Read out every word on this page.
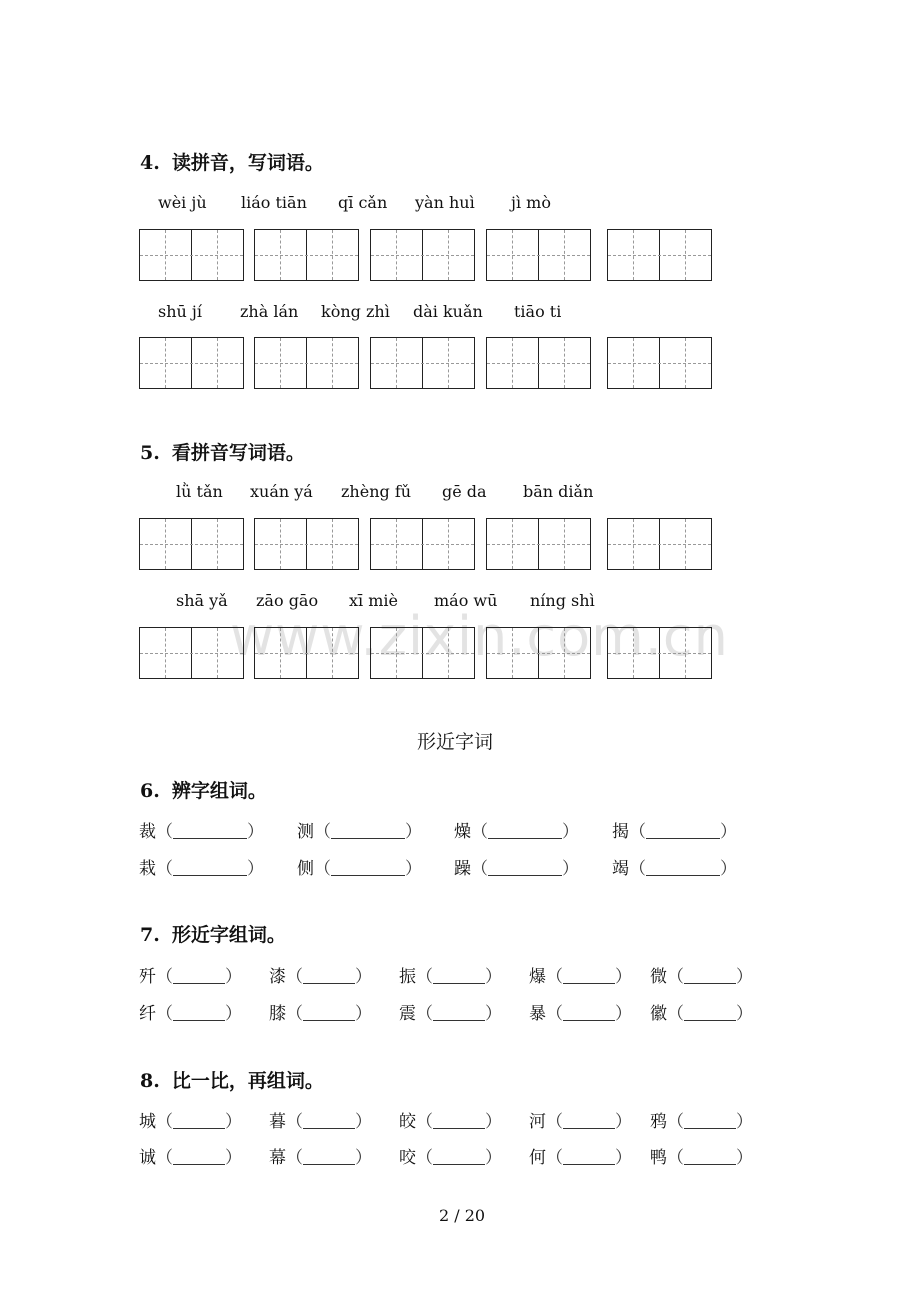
www.zixin.com.cn
4. 读拼音，写词语。
wèi jù liáo tiān qī cǎn yàn huì jì mò
shū jí zhà lán kòng zhì dài kuǎn tiāo ti
5. 看拼音写词语。
lǜ tǎn xuán yá zhèng fǔ gē da bān diǎn
shā yǎ zāo gāo xī miè máo wū níng shì
形近字词
6. 辨字组词。
裁（	） 测（	） 燥（	） 揭（	）
栽（	） 侧（	） 躁（	） 竭（	）
7. 形近字组词。
歼（	） 漆（	） 振（	） 爆（	） 微（	）
纤（	） 膝（	） 震（	） 暴（	） 徽（	）
8. 比一比，再组词。
城（	） 暮（	） 皎（	） 河（	） 鸦（	）
诚（	） 幕（	） 咬（	） 何（	） 鸭（	）
2 / 20
